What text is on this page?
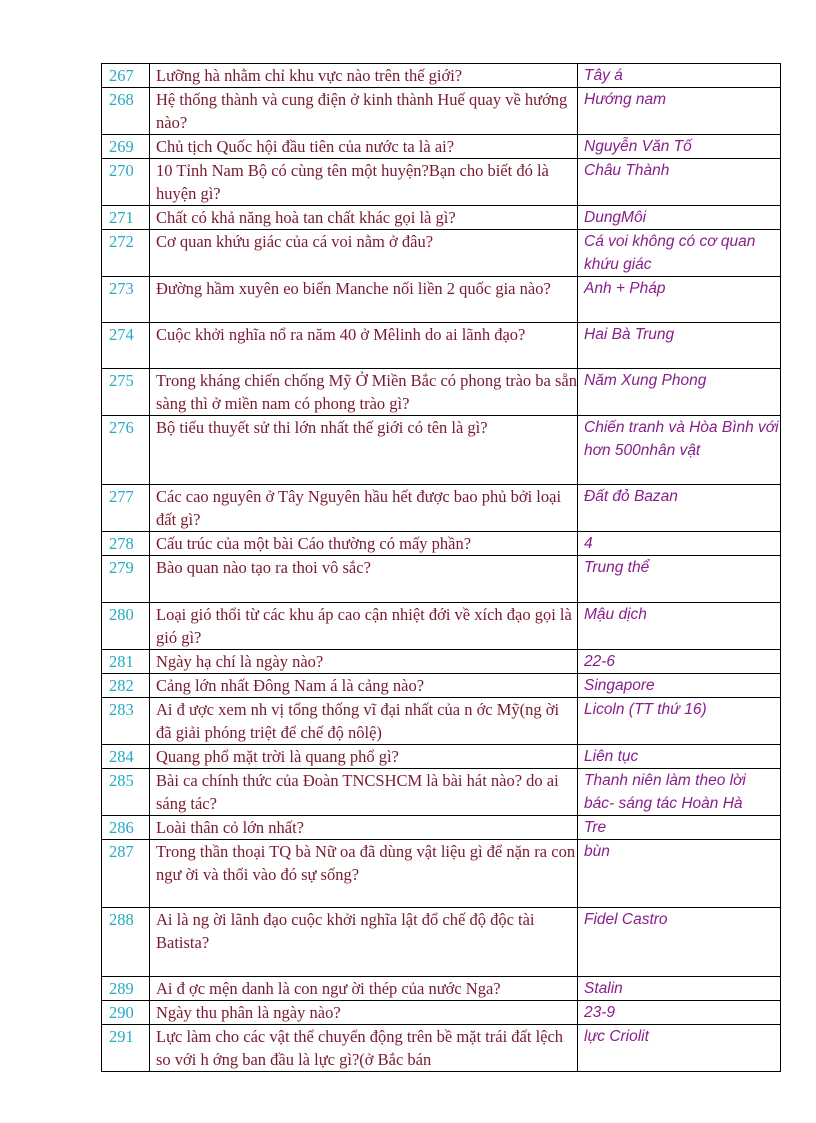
267	Lưỡng hà nhằm chỉ khu vực nào trên thế giới?	Tây á
268	Hệ thống thành và cung điện ở kinh thành Huế quay về hướng nào?	Hướng nam
269	Chủ tịch Quốc hội đầu tiên của nước ta là ai?	Nguyễn Văn Tố
270	10 Tỉnh Nam Bộ có cùng tên một huyện?Bạn cho biết đó là huyện gì?	Châu Thành
271	Chất có khả năng hoà tan chất khác gọi là gì?	DungMôi
272	Cơ quan khứu giác của cá voi nằm ở đâu?	Cá voi không có cơ quan khứu giác
273	Đường hầm xuyên eo biển Manche nối liền 2 quốc gia nào?	Anh + Pháp
274	Cuộc khởi nghĩa nổ ra năm 40 ở Mêlinh do ai lãnh đạo?	Hai Bà Trung
275	Trong kháng chiến chống Mỹ Ở Miền Bắc có phong trào ba sẵn sàng thì ở miền nam có phong trào gì?	Năm Xung Phong
276	Bộ tiểu thuyết sử thi lớn nhất thế giới có tên là gì?	Chiến tranh và Hòa Bình với hơn 500nhân vật
277	Các cao nguyên ở Tây Nguyên hầu hết được bao phủ bởi loại đất gì?	Đất đỏ Bazan
278	Cấu trúc của một bài Cáo thường có mấy phần?	4
279	Bào quan nào tạo ra thoi vô sắc?	Trung thể
280	Loại gió thổi từ các khu áp cao cận nhiệt đới về xích đạo gọi là gió gì?	Mậu dịch
281	Ngày hạ chí là ngày nào?	22-6
282	Cảng lớn nhất Đông Nam á là cảng nào?	Singapore
283	Ai đ ược xem nh vị tổng thống vĩ đại nhất của n ớc Mỹ(ng ời đã giải phóng triệt để chế độ nôlệ)	Licoln (TT thứ 16)
284	Quang phổ mặt trời là quang phổ gì?	Liên tục
285	Bài ca chính thức của Đoàn TNCSHCM là bài hát nào? do ai sáng tác?	Thanh niên làm theo lời bác- sáng tác Hoàn Hà
286	Loài thân cỏ lớn nhất?	Tre
287	Trong thần thoại TQ bà Nữ oa đã dùng vật liệu gì để nặn ra con ngư ời và thổi vào đó sự sống?	bùn
288	Ai là ng ời lãnh đạo cuộc khởi nghĩa lật đổ chế độ độc tài Batista?	Fidel Castro
289	Ai đ ợc mện danh là con ngư ời thép của nước Nga?	Stalin
290	Ngày thu phân là ngày nào?	23-9
291	Lực làm cho các vật thể chuyển động trên bề mặt trái đất lệch so với h ớng ban đầu là lực gì?(ở Bắc bán	lực Criolit
